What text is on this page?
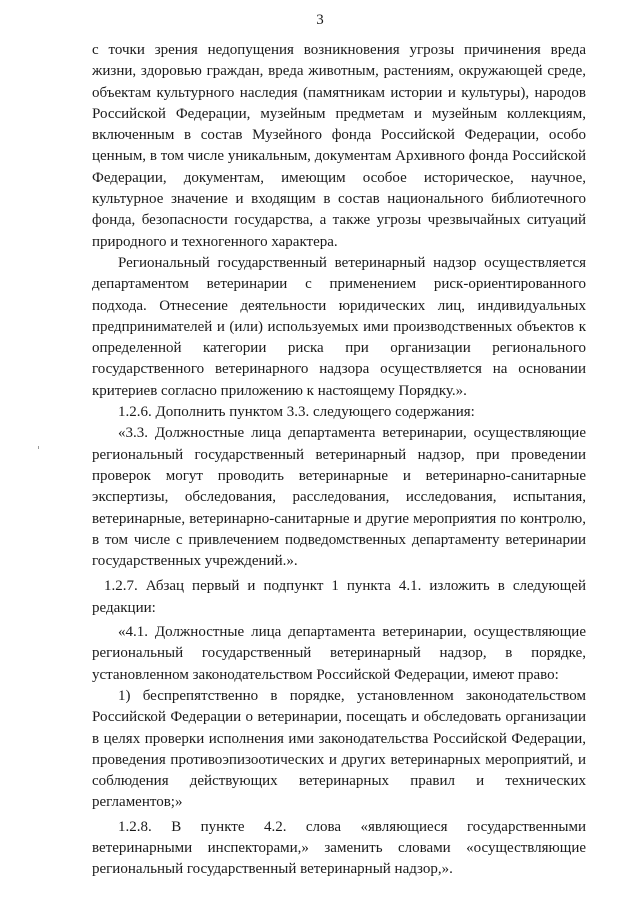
3

с точки зрения недопущения возникновения угрозы причинения вреда жизни, здоровью граждан, вреда животным, растениям, окружающей среде, объектам культурного наследия (памятникам истории и культуры), народов Российской Федерации, музейным предметам и музейным коллекциям, включенным в состав Музейного фонда Российской Федерации, особо ценным, в том числе уникальным, документам Архивного фонда Российской Федерации, документам, имеющим особое историческое, научное, культурное значение и входящим в состав национального библиотечного фонда, безопасности государства, а также угрозы чрезвычайных ситуаций природного и техногенного характера.

Региональный государственный ветеринарный надзор осуществляется департаментом ветеринарии с применением риск-ориентированного подхода. Отнесение деятельности юридических лиц, индивидуальных предпринимателей и (или) используемых ими производственных объектов к определенной категории риска при организации регионального государственного ветеринарного надзора осуществляется на основании критериев согласно приложению к настоящему Порядку.».

1.2.6. Дополнить пунктом 3.3. следующего содержания:

«3.3. Должностные лица департамента ветеринарии, осуществляющие региональный государственный ветеринарный надзор, при проведении проверок могут проводить ветеринарные и ветеринарно-санитарные экспертизы, обследования, расследования, исследования, испытания, ветеринарные, ветеринарно-санитарные и другие мероприятия по контролю, в том числе с привлечением подведомственных департаменту ветеринарии государственных учреждений.».

1.2.7. Абзац первый и подпункт 1 пункта 4.1. изложить в следующей редакции:

«4.1. Должностные лица департамента ветеринарии, осуществляющие региональный государственный ветеринарный надзор, в порядке, установленном законодательством Российской Федерации, имеют право:

1) беспрепятственно в порядке, установленном законодательством Российской Федерации о ветеринарии, посещать и обследовать организации в целях проверки исполнения ими законодательства Российской Федерации, проведения противоэпизоотических и других ветеринарных мероприятий, и соблюдения действующих ветеринарных правил и технических регламентов;»

1.2.8. В пункте 4.2. слова «являющиеся государственными ветеринарными инспекторами,» заменить словами «осуществляющие региональный государственный ветеринарный надзор,».
